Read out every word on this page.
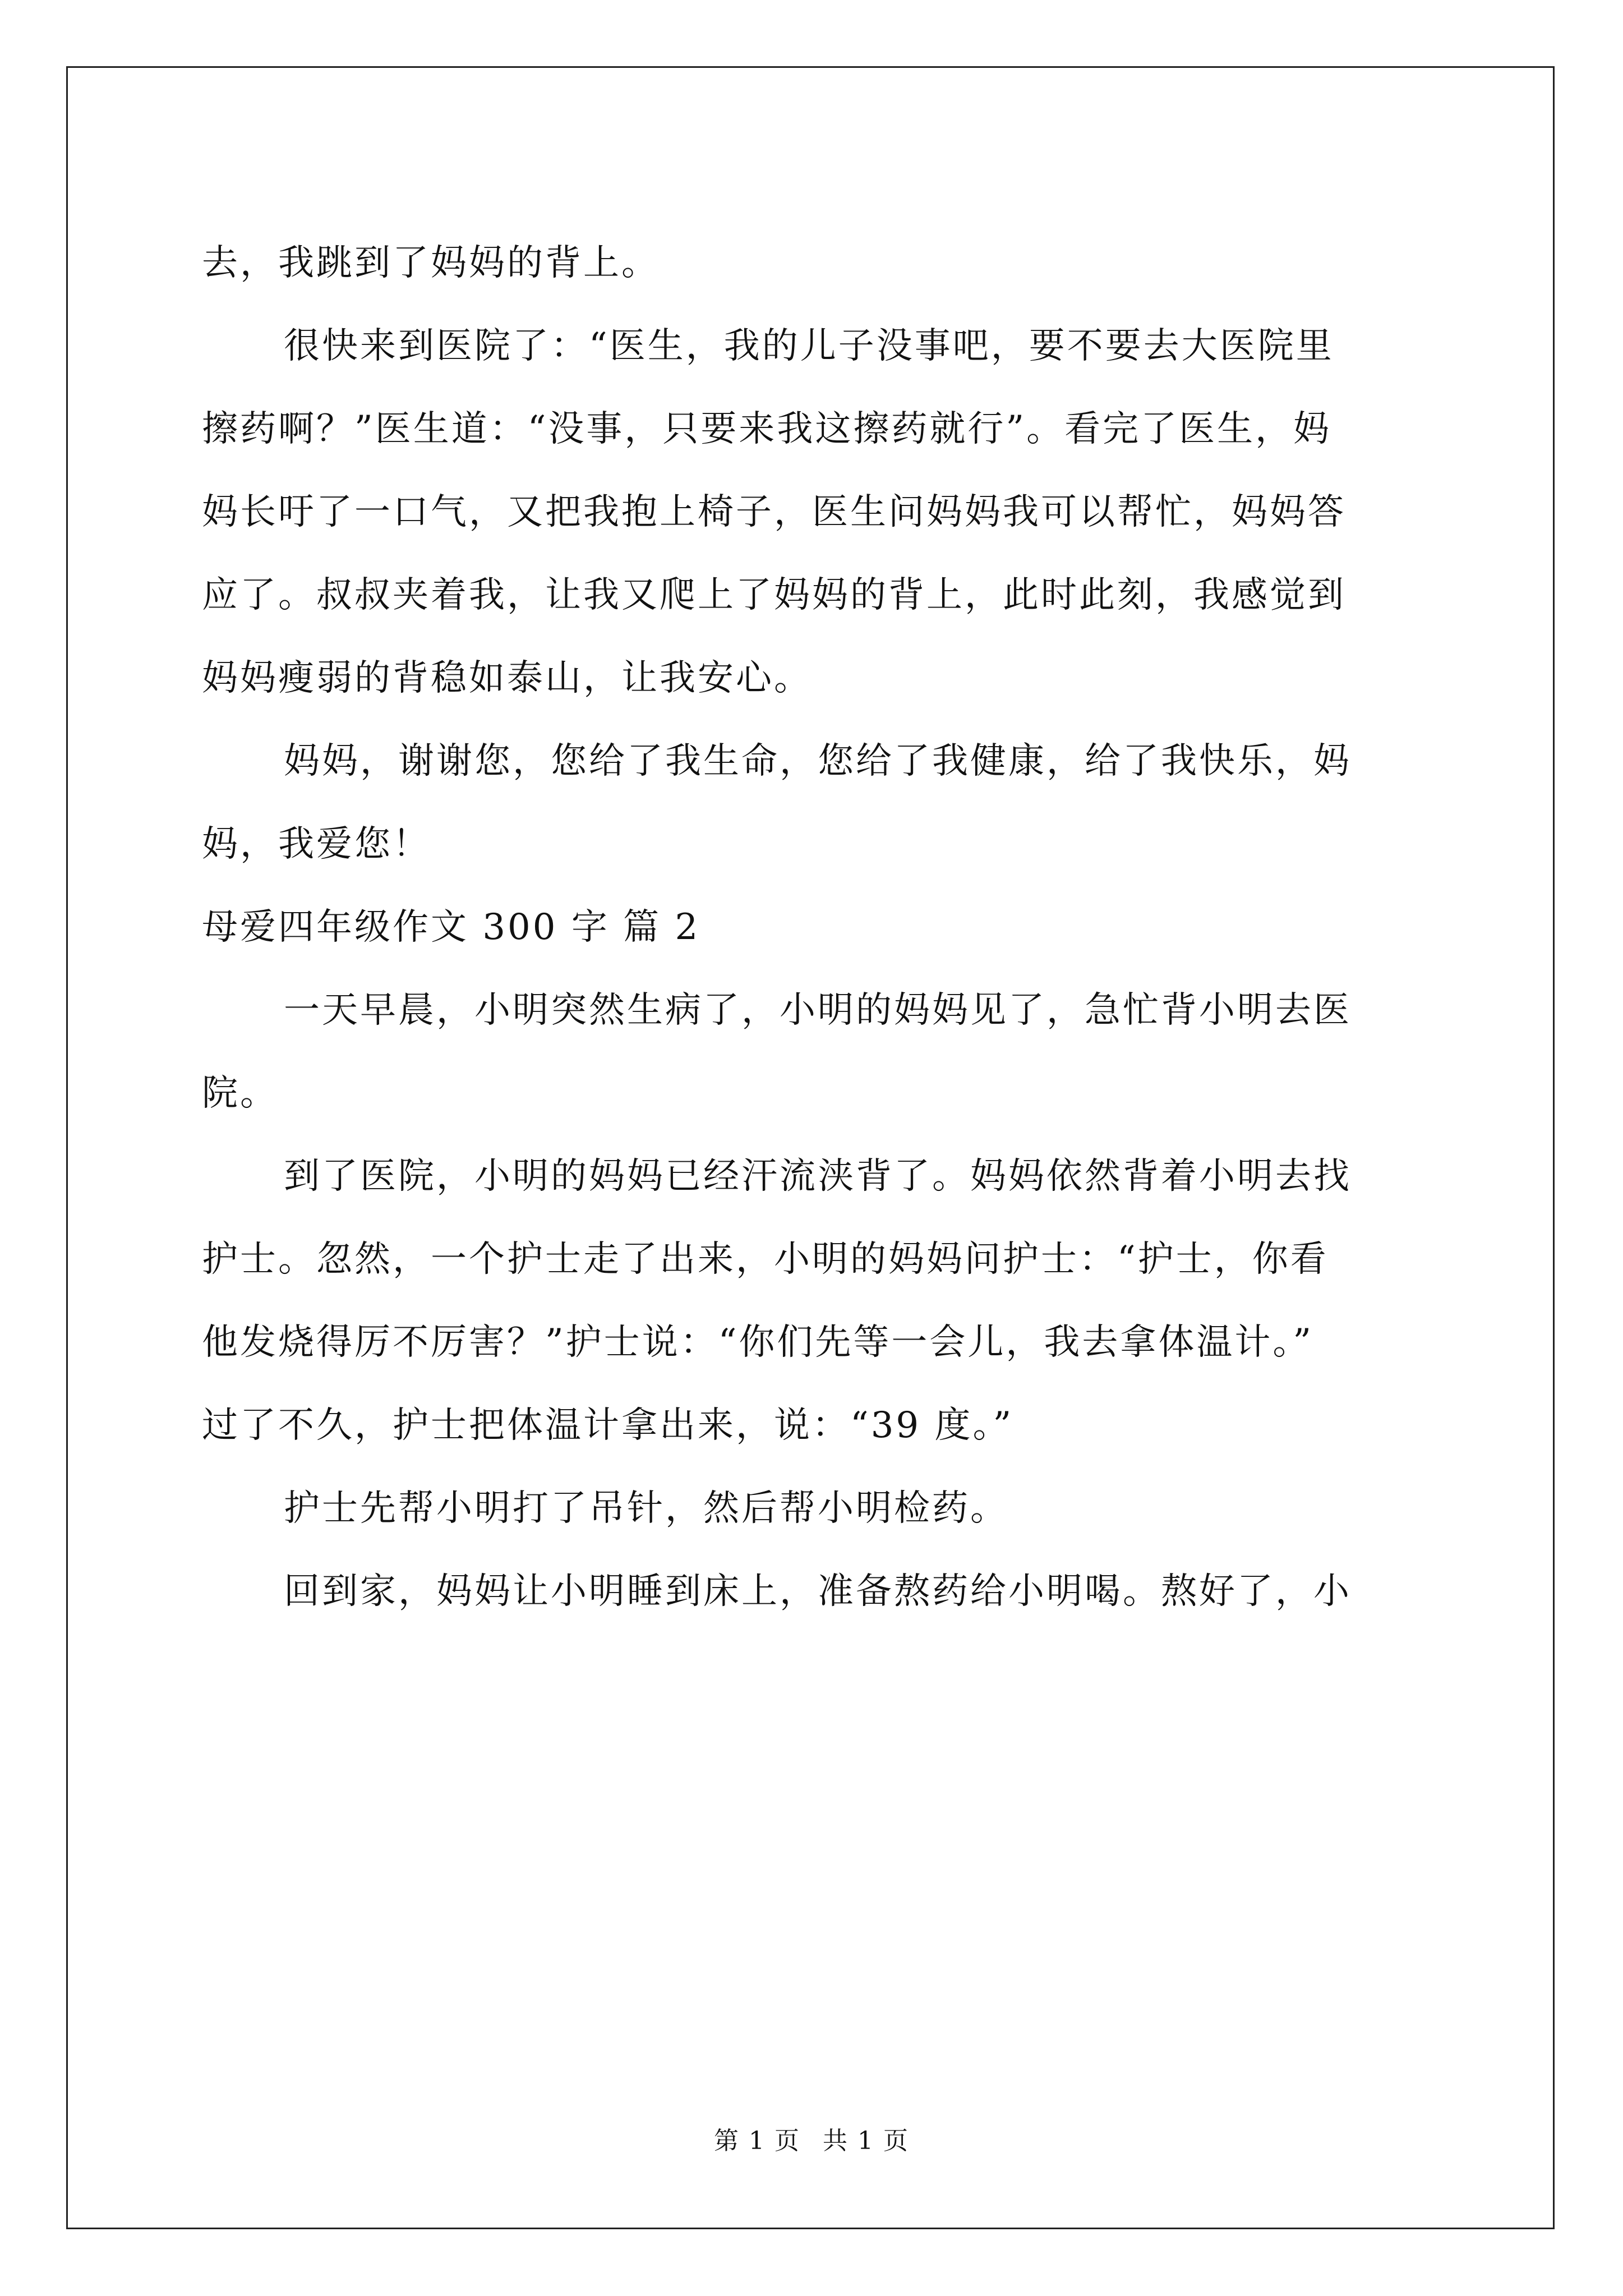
去，我跳到了妈妈的背上。
很快来到医院了：“医生，我的儿子没事吧，要不要去大医院里
擦药啊？”医生道：“没事，只要来我这擦药就行”。看完了医生，妈
妈长吁了一口气，又把我抱上椅子，医生问妈妈我可以帮忙，妈妈答
应了。叔叔夹着我，让我又爬上了妈妈的背上，此时此刻，我感觉到
妈妈瘦弱的背稳如泰山，让我安心。
妈妈，谢谢您，您给了我生命，您给了我健康，给了我快乐，妈
妈，我爱您！
母爱四年级作文 300 字 篇 2
一天早晨，小明突然生病了，小明的妈妈见了，急忙背小明去医
院。
到了医院，小明的妈妈已经汗流浃背了。妈妈依然背着小明去找
护士。忽然，一个护士走了出来，小明的妈妈问护士：“护士，你看
他发烧得厉不厉害？”护士说：“你们先等一会儿，我去拿体温计。”
过了不久，护士把体温计拿出来，说：“39 度。”
护士先帮小明打了吊针，然后帮小明检药。
回到家，妈妈让小明睡到床上，准备熬药给小明喝。熬好了，小
第 1 页 共 1 页
